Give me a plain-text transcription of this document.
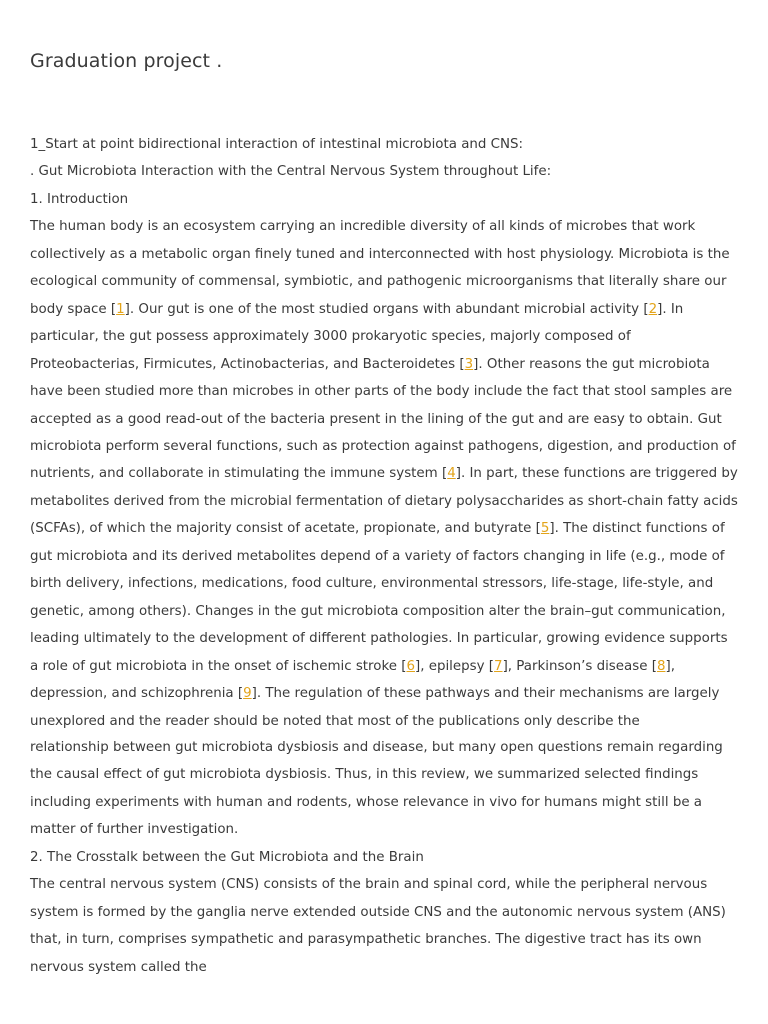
Graduation project .

1_Start at point bidirectional interaction of intestinal microbiota and CNS:

. Gut Microbiota Interaction with the Central Nervous System throughout Life:

1. Introduction

The human body is an ecosystem carrying an incredible diversity of all kinds of microbes that work collectively as a metabolic organ finely tuned and interconnected with host physiology. Microbiota is the ecological community of commensal, symbiotic, and pathogenic microorganisms that literally share our body space [1]. Our gut is one of the most studied organs with abundant microbial activity [2]. In particular, the gut possess approximately 3000 prokaryotic species, majorly composed of Proteobacterias, Firmicutes, Actinobacterias, and Bacteroidetes [3]. Other reasons the gut microbiota have been studied more than microbes in other parts of the body include the fact that stool samples are accepted as a good read-out of the bacteria present in the lining of the gut and are easy to obtain. Gut microbiota perform several functions, such as protection against pathogens, digestion, and production of nutrients, and collaborate in stimulating the immune system [4]. In part, these functions are triggered by metabolites derived from the microbial fermentation of dietary polysaccharides as short-chain fatty acids (SCFAs), of which the majority consist of acetate, propionate, and butyrate [5]. The distinct functions of gut microbiota and its derived metabolites depend of a variety of factors changing in life (e.g., mode of birth delivery, infections, medications, food culture, environmental stressors, life-stage, life-style, and genetic, among others). Changes in the gut microbiota composition alter the brain–gut communication, leading ultimately to the development of different pathologies. In particular, growing evidence supports a role of gut microbiota in the onset of ischemic stroke [6], epilepsy [7], Parkinson’s disease [8], depression, and schizophrenia [9]. The regulation of these pathways and their mechanisms are largely unexplored and the reader should be noted that most of the publications only describe the

relationship between gut microbiota dysbiosis and disease, but many open questions remain regarding the causal effect of gut microbiota dysbiosis. Thus, in this review, we summarized selected findings including experiments with human and rodents, whose relevance in vivo for humans might still be a matter of further investigation.

2. The Crosstalk between the Gut Microbiota and the Brain

The central nervous system (CNS) consists of the brain and spinal cord, while the peripheral nervous system is formed by the ganglia nerve extended outside CNS and the autonomic nervous system (ANS) that, in turn, comprises sympathetic and parasympathetic branches. The digestive tract has its own nervous system called the
